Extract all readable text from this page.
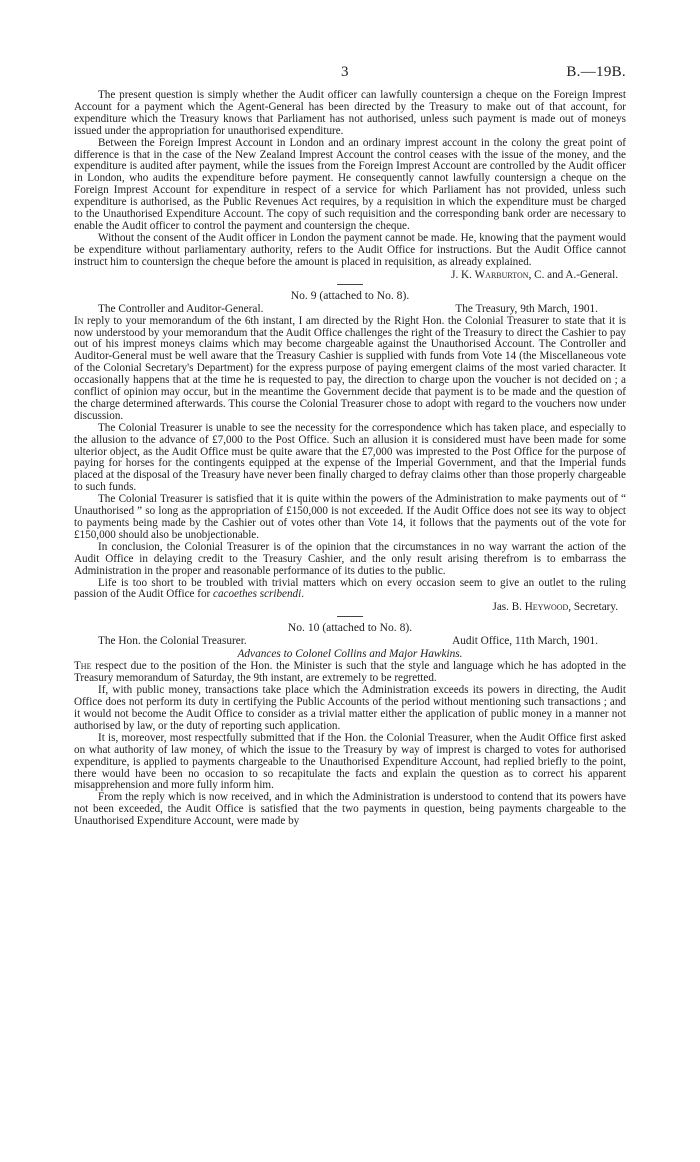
3	B.—19B.

The present question is simply whether the Audit officer can lawfully countersign a cheque on the Foreign Imprest Account for a payment which the Agent-General has been directed by the Treasury to make out of that account, for expenditure which the Treasury knows that Parliament has not authorised, unless such payment is made out of moneys issued under the appropriation for unauthorised expenditure.

Between the Foreign Imprest Account in London and an ordinary imprest account in the colony the great point of difference is that in the case of the New Zealand Imprest Account the control ceases with the issue of the money, and the expenditure is audited after payment, while the issues from the Foreign Imprest Account are controlled by the Audit officer in London, who audits the expenditure before payment. He consequently cannot lawfully countersign a cheque on the Foreign Imprest Account for expenditure in respect of a service for which Parliament has not provided, unless such expenditure is authorised, as the Public Revenues Act requires, by a requisition in which the expenditure must be charged to the Unauthorised Expenditure Account. The copy of such requisition and the corresponding bank order are necessary to enable the Audit officer to control the payment and countersign the cheque.

Without the consent of the Audit officer in London the payment cannot be made. He, knowing that the payment would be expenditure without parliamentary authority, refers to the Audit Office for instructions. But the Audit Office cannot instruct him to countersign the cheque before the amount is placed in requisition, as already explained.

J. K. Warburton, C. and A.-General.
No. 9 (attached to No. 8).
The Controller and Auditor-General.	The Treasury, 9th March, 1901.

In reply to your memorandum of the 6th instant, I am directed by the Right Hon. the Colonial Treasurer to state that it is now understood by your memorandum that the Audit Office challenges the right of the Treasury to direct the Cashier to pay out of his imprest moneys claims which may become chargeable against the Unauthorised Account. The Controller and Auditor-General must be well aware that the Treasury Cashier is supplied with funds from Vote 14 (the Miscellaneous vote of the Colonial Secretary's Department) for the express purpose of paying emergent claims of the most varied character. It occasionally happens that at the time he is requested to pay, the direction to charge upon the voucher is not decided on ; a conflict of opinion may occur, but in the meantime the Government decide that payment is to be made and the question of the charge determined afterwards. This course the Colonial Treasurer chose to adopt with regard to the vouchers now under discussion.

The Colonial Treasurer is unable to see the necessity for the correspondence which has taken place, and especially to the allusion to the advance of £7,000 to the Post Office. Such an allusion it is considered must have been made for some ulterior object, as the Audit Office must be quite aware that the £7,000 was imprested to the Post Office for the purpose of paying for horses for the contingents equipped at the expense of the Imperial Government, and that the Imperial funds placed at the disposal of the Treasury have never been finally charged to defray claims other than those properly chargeable to such funds.

The Colonial Treasurer is satisfied that it is quite within the powers of the Administration to make payments out of “ Unauthorised ” so long as the appropriation of £150,000 is not exceeded. If the Audit Office does not see its way to object to payments being made by the Cashier out of votes other than Vote 14, it follows that the payments out of the vote for £150,000 should also be unobjectionable.

In conclusion, the Colonial Treasurer is of the opinion that the circumstances in no way warrant the action of the Audit Office in delaying credit to the Treasury Cashier, and the only result arising therefrom is to embarrass the Administration in the proper and reasonable performance of its duties to the public.

Life is too short to be troubled with trivial matters which on every occasion seem to give an outlet to the ruling passion of the Audit Office for cacoethes scribendi.

Jas. B. Heywood, Secretary.
No. 10 (attached to No. 8).
The Hon. the Colonial Treasurer.	Audit Office, 11th March, 1901.
Advances to Colonel Collins and Major Hawkins.

The respect due to the position of the Hon. the Minister is such that the style and language which he has adopted in the Treasury memorandum of Saturday, the 9th instant, are extremely to be regretted.

If, with public money, transactions take place which the Administration exceeds its powers in directing, the Audit Office does not perform its duty in certifying the Public Accounts of the period without mentioning such transactions ; and it would not become the Audit Office to consider as a trivial matter either the application of public money in a manner not authorised by law, or the duty of reporting such application.

It is, moreover, most respectfully submitted that if the Hon. the Colonial Treasurer, when the Audit Office first asked on what authority of law money, of which the issue to the Treasury by way of imprest is charged to votes for authorised expenditure, is applied to payments chargeable to the Unauthorised Expenditure Account, had replied briefly to the point, there would have been no occasion to so recapitulate the facts and explain the question as to correct his apparent misapprehension and more fully inform him.

From the reply which is now received, and in which the Administration is understood to contend that its powers have not been exceeded, the Audit Office is satisfied that the two payments in question, being payments chargeable to the Unauthorised Expenditure Account, were made by
